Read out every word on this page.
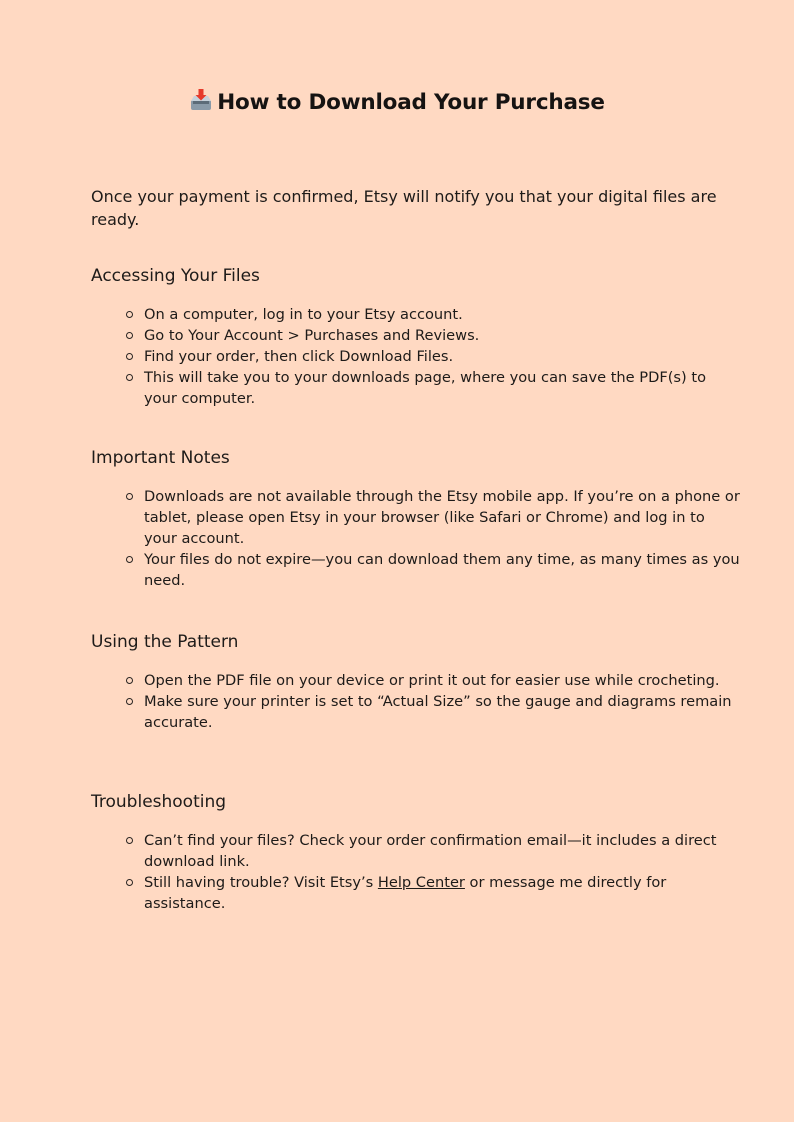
How to Download Your Purchase

Once your payment is confirmed, Etsy will notify you that your digital files are ready.

Accessing Your Files
On a computer, log in to your Etsy account.
Go to Your Account > Purchases and Reviews.
Find your order, then click Download Files.
This will take you to your downloads page, where you can save the PDF(s) to your computer.
Important Notes
Downloads are not available through the Etsy mobile app. If you’re on a phone or tablet, please open Etsy in your browser (like Safari or Chrome) and log in to your account.
Your files do not expire—you can download them any time, as many times as you need.
Using the Pattern
Open the PDF file on your device or print it out for easier use while crocheting.
Make sure your printer is set to “Actual Size” so the gauge and diagrams remain accurate.
Troubleshooting
Can’t find your files? Check your order confirmation email—it includes a direct download link.
Still having trouble? Visit Etsy’s Help Center or message me directly for assistance.
